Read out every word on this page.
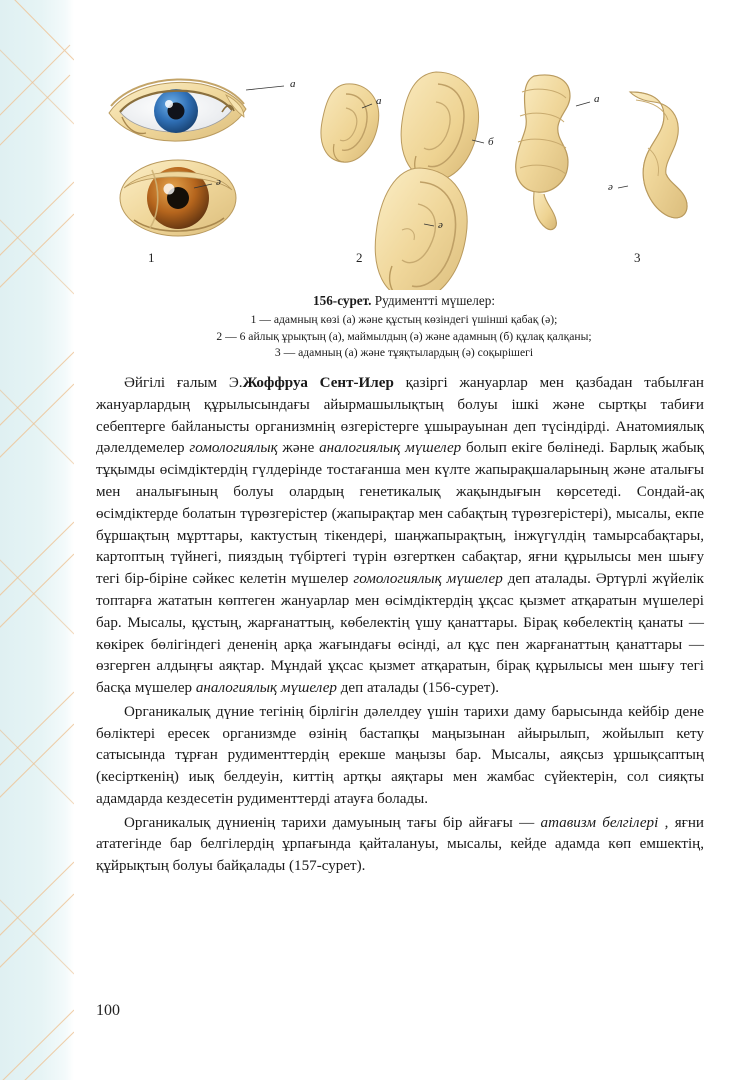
а
ә
1
а
б
ә
2
а
ә
3
156-сурет. Рудиментті мүшелер:
1 — адамның көзі (а) және құстың көзіндегі үшінші қабақ (ә);
2 — 6 айлық ұрықтың (а), маймылдың (ә) және адамның (б) құлақ қалқаны;
3 — адамның (а) және тұяқтылардың (ә) соқырішегі

Әйгілі ғалым Э.Жоффруа Сент-Илер қазіргі жануарлар мен қазбадан табылған жануарлардың құрылысындағы айырмашылықтың болуы ішкі және сыртқы табиғи себептерге байланысты организмнің өзгерістерге ұшырауынан деп түсіндірді. Анатомиялық дәлелдемелер гомологиялық және аналогиялық мүшелер болып екіге бөлінеді. Барлық жабық тұқымды өсімдіктердің гүлдерінде тостағанша мен күлте жапырақшаларының және аталығы мен аналығының болуы олардың генетикалық жақындығын көрсетеді. Сондай-ақ өсімдіктерде болатын түрөзгерістер (жапырақтар мен сабақтың түрөзгерістері), мысалы, екпе бұршақтың мұрттары, кактустың тікендері, шаңжапырақтың, інжүгүлдің тамырсабақтары, картоптың түйнегі, пияздың түбіртегі түрін өзгерткен сабақтар, яғни құрылысы мен шығу тегі бір-біріне сәйкес келетін мүшелер гомологиялық мүшелер деп аталады. Әртүрлі жүйелік топтарға жататын көптеген жануарлар мен өсімдіктердің ұқсас қызмет атқаратын мүшелері бар. Мысалы, құстың, жарғанаттың, көбелектің үшу қанаттары. Бірақ көбелектің қанаты — көкірек бөлігіндегі дененің арқа жағындағы өсінді, ал құс пен жарғанаттың қанаттары — өзгерген алдыңғы аяқтар. Мұндай ұқсас қызмет атқаратын, бірақ құрылысы мен шығу тегі басқа мүшелер аналогиялық мүшелер деп аталады (156-сурет).

Органикалық дүние тегінің бірлігін дәлелдеу үшін тарихи даму барысында кейбір дене бөліктері ересек организмде өзінің бастапқы маңызынан айырылып, жойылып кету сатысында тұрған рудименттердің ерекше маңызы бар. Мысалы, аяқсыз ұршықсаптың (кесірткенің) иық белдеуін, киттің артқы аяқтары мен жамбас сүйектерін, сол сияқты адамдарда кездесетін рудименттерді атауға болады.

Органикалық дүниенің тарихи дамуының тағы бір айғағы — атавизм белгілері , яғни ататегінде бар белгілердің ұрпағында қайталануы, мысалы, кейде адамда көп емшектің, құйрықтың болуы байқалады (157-сурет).

100
